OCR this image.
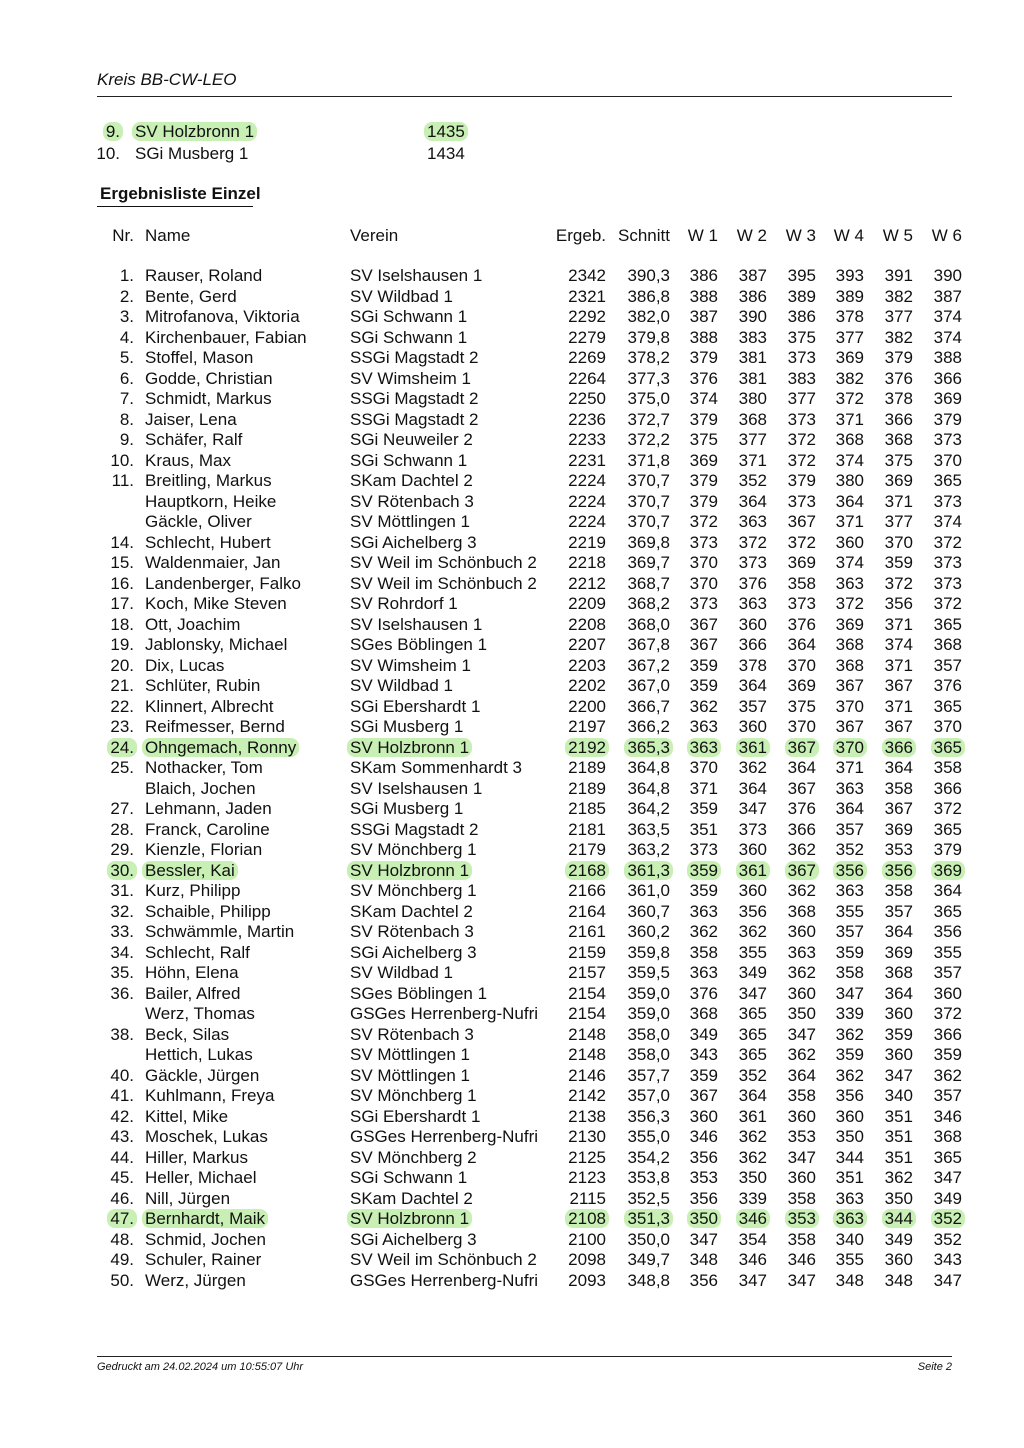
Kreis BB-CW-LEO
9. SV Holzbronn 1	1435
10. SGi Musberg 1	1434
Ergebnisliste Einzel
Nr. Name	Verein	Ergeb. Schnitt	W 1	W 2	W 3	W 4	W 5	W 6
1. Rauser, Roland	SV Iselshausen 1	2342	390,3	386	387	395	393	391	390
2. Bente, Gerd	SV Wildbad 1	2321	386,8	388	386	389	389	382	387
3. Mitrofanova, Viktoria	SGi Schwann 1	2292	382,0	387	390	386	378	377	374
4. Kirchenbauer, Fabian	SGi Schwann 1	2279	379,8	388	383	375	377	382	374
5. Stoffel, Mason	SSGi Magstadt 2	2269	378,2	379	381	373	369	379	388
6. Godde, Christian	SV Wimsheim 1	2264	377,3	376	381	383	382	376	366
7. Schmidt, Markus	SSGi Magstadt 2	2250	375,0	374	380	377	372	378	369
8. Jaiser, Lena	SSGi Magstadt 2	2236	372,7	379	368	373	371	366	379
9. Schäfer, Ralf	SGi Neuweiler 2	2233	372,2	375	377	372	368	368	373
10. Kraus, Max	SGi Schwann 1	2231	371,8	369	371	372	374	375	370
11. Breitling, Markus	SKam Dachtel 2	2224	370,7	379	352	379	380	369	365
Hauptkorn, Heike	SV Rötenbach 3	2224	370,7	379	364	373	364	371	373
Gäckle, Oliver	SV Möttlingen 1	2224	370,7	372	363	367	371	377	374
14. Schlecht, Hubert	SGi Aichelberg 3	2219	369,8	373	372	372	360	370	372
15. Waldenmaier, Jan	SV Weil im Schönbuch 2	2218	369,7	370	373	369	374	359	373
16. Landenberger, Falko	SV Weil im Schönbuch 2	2212	368,7	370	376	358	363	372	373
17. Koch, Mike Steven	SV Rohrdorf 1	2209	368,2	373	363	373	372	356	372
18. Ott, Joachim	SV Iselshausen 1	2208	368,0	367	360	376	369	371	365
19. Jablonsky, Michael	SGes Böblingen 1	2207	367,8	367	366	364	368	374	368
20. Dix, Lucas	SV Wimsheim 1	2203	367,2	359	378	370	368	371	357
21. Schlüter, Rubin	SV Wildbad 1	2202	367,0	359	364	369	367	367	376
22. Klinnert, Albrecht	SGi Ebershardt 1	2200	366,7	362	357	375	370	371	365
23. Reifmesser, Bernd	SGi Musberg 1	2197	366,2	363	360	370	367	367	370
24. Ohngemach, Ronny	SV Holzbronn 1	2192	365,3	363	361	367	370	366	365
25. Nothacker, Tom	SKam Sommenhardt 3	2189	364,8	370	362	364	371	364	358
Blaich, Jochen	SV Iselshausen 1	2189	364,8	371	364	367	363	358	366
27. Lehmann, Jaden	SGi Musberg 1	2185	364,2	359	347	376	364	367	372
28. Franck, Caroline	SSGi Magstadt 2	2181	363,5	351	373	366	357	369	365
29. Kienzle, Florian	SV Mönchberg 1	2179	363,2	373	360	362	352	353	379
30. Bessler, Kai	SV Holzbronn 1	2168	361,3	359	361	367	356	356	369
31. Kurz, Philipp	SV Mönchberg 1	2166	361,0	359	360	362	363	358	364
32. Schaible, Philipp	SKam Dachtel 2	2164	360,7	363	356	368	355	357	365
33. Schwämmle, Martin	SV Rötenbach 3	2161	360,2	362	362	360	357	364	356
34. Schlecht, Ralf	SGi Aichelberg 3	2159	359,8	358	355	363	359	369	355
35. Höhn, Elena	SV Wildbad 1	2157	359,5	363	349	362	358	368	357
36. Bailer, Alfred	SGes Böblingen 1	2154	359,0	376	347	360	347	364	360
Werz, Thomas	GSGes Herrenberg-Nufri	2154	359,0	368	365	350	339	360	372
38. Beck, Silas	SV Rötenbach 3	2148	358,0	349	365	347	362	359	366
Hettich, Lukas	SV Möttlingen 1	2148	358,0	343	365	362	359	360	359
40. Gäckle, Jürgen	SV Möttlingen 1	2146	357,7	359	352	364	362	347	362
41. Kuhlmann, Freya	SV Mönchberg 1	2142	357,0	367	364	358	356	340	357
42. Kittel, Mike	SGi Ebershardt 1	2138	356,3	360	361	360	360	351	346
43. Moschek, Lukas	GSGes Herrenberg-Nufri	2130	355,0	346	362	353	350	351	368
44. Hiller, Markus	SV Mönchberg 2	2125	354,2	356	362	347	344	351	365
45. Heller, Michael	SGi Schwann 1	2123	353,8	353	350	360	351	362	347
46. Nill, Jürgen	SKam Dachtel 2	2115	352,5	356	339	358	363	350	349
47. Bernhardt, Maik	SV Holzbronn 1	2108	351,3	350	346	353	363	344	352
48. Schmid, Jochen	SGi Aichelberg 3	2100	350,0	347	354	358	340	349	352
49. Schuler, Rainer	SV Weil im Schönbuch 2	2098	349,7	348	346	346	355	360	343
50. Werz, Jürgen	GSGes Herrenberg-Nufri	2093	348,8	356	347	347	348	348	347
Gedruckt am 24.02.2024 um 10:55:07 Uhr	Seite 2
